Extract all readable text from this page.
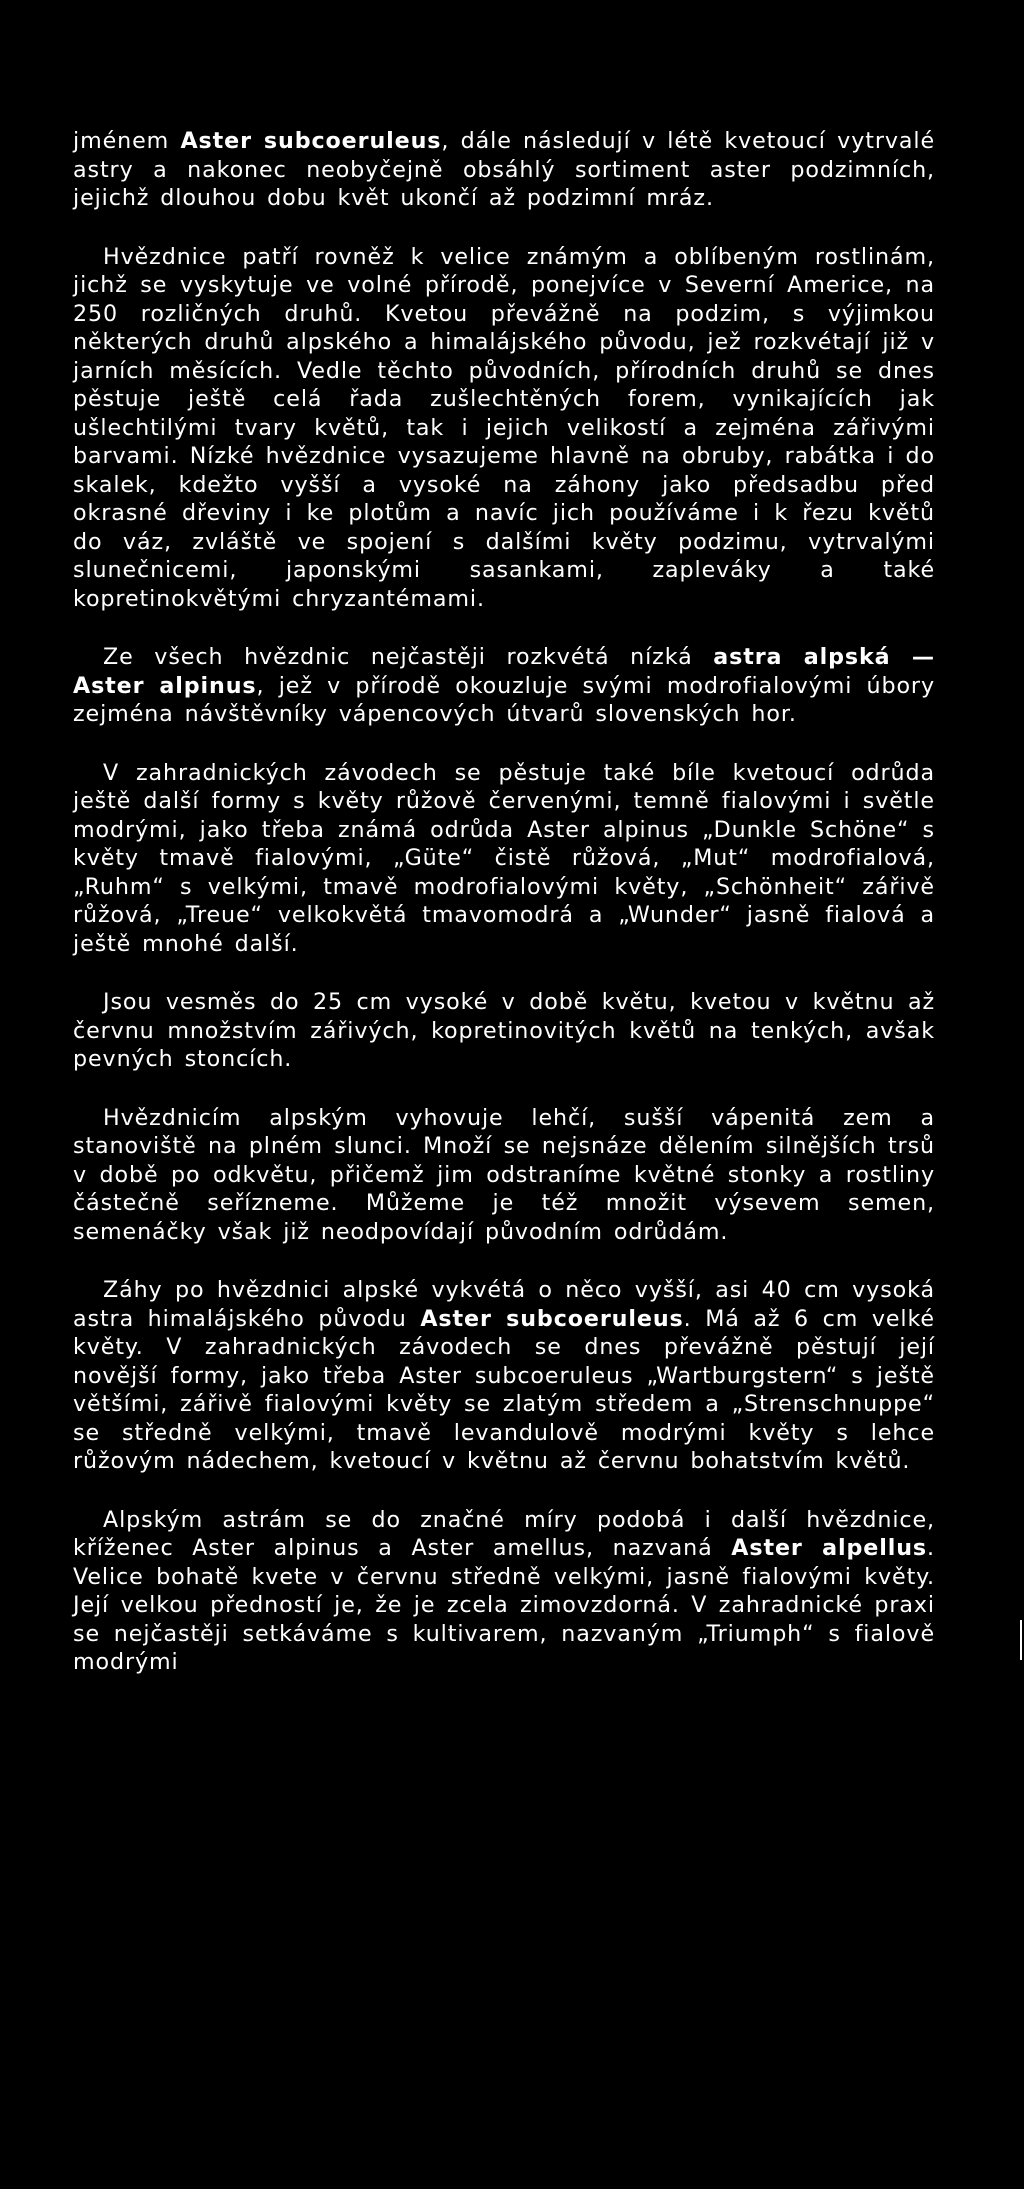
jménem Aster subcoeruleus, dále následují v létě kvetoucí vytrvalé astry a nakonec neobyčejně obsáhlý sortiment aster podzimních, jejichž dlouhou dobu květ ukončí až podzimní mráz.

Hvězdnice patří rovněž k velice známým a oblíbeným rostlinám, jichž se vyskytuje ve volné přírodě, ponejvíce v Severní Americe, na 250 rozličných druhů. Kvetou převážně na podzim, s výjimkou některých druhů alpského a himalájského původu, jež rozkvétají již v jarních měsících. Vedle těchto původních, přírodních druhů se dnes pěstuje ještě celá řada zušlechtěných forem, vynikajících jak ušlechtilými tvary květů, tak i jejich velikostí a zejména zářivými barvami. Nízké hvězdnice vysazujeme hlavně na obruby, rabátka i do skalek, kdežto vyšší a vysoké na záhony jako předsadbu před okrasné dřeviny i ke plotům a navíc jich používáme i k řezu květů do váz, zvláště ve spojení s dalšími květy podzimu, vytrvalými slunečnicemi, japonskými sasankami, zapleváky a také kopretinokvětými chryzantémami.

Ze všech hvězdnic nejčastěji rozkvétá nízká astra alpská — Aster alpinus, jež v přírodě okouzluje svými modrofialovými úbory zejména návštěvníky vápencových útvarů slovenských hor.

V zahradnických závodech se pěstuje také bíle kvetoucí odrůda ještě další formy s květy růžově červenými, temně fialovými i světle modrými, jako třeba známá odrůda Aster alpinus „Dunkle Schöne“ s květy tmavě fialovými, „Güte“ čistě růžová, „Mut“ modrofialová, „Ruhm“ s velkými, tmavě modrofialovými květy, „Schönheit“ zářivě růžová, „Treue“ velkokvětá tmavomodrá a „Wunder“ jasně fialová a ještě mnohé další.

Jsou vesměs do 25 cm vysoké v době květu, kvetou v květnu až červnu množstvím zářivých, kopretinovitých květů na tenkých, avšak pevných stoncích.

Hvězdnicím alpským vyhovuje lehčí, sušší vápenitá zem a stanoviště na plném slunci. Množí se nejsnáze dělením silnějších trsů v době po odkvětu, přičemž jim odstraníme květné stonky a rostliny částečně seřízneme. Můžeme je též množit výsevem semen, semenáčky však již neodpovídají původním odrůdám.

Záhy po hvězdnici alpské vykvétá o něco vyšší, asi 40 cm vysoká astra himalájského původu Aster subcoeruleus. Má až 6 cm velké květy. V zahradnických závodech se dnes převážně pěstují její novější formy, jako třeba Aster subcoeruleus „Wartburgstern“ s ještě většími, zářivě fialovými květy se zlatým středem a „Strenschnuppe“ se středně velkými, tmavě levandulově modrými květy s lehce růžovým nádechem, kvetoucí v květnu až červnu bohatstvím květů.

Alpským astrám se do značné míry podobá i další hvězdnice, kříženec Aster alpinus a Aster amellus, nazvaná Aster alpellus. Velice bohatě kvete v červnu středně velkými, jasně fialovými květy. Její velkou předností je, že je zcela zimovzdorná. V zahradnické praxi se nejčastěji setkáváme s kultivarem, nazvaným „Triumph“ s fialově modrými
